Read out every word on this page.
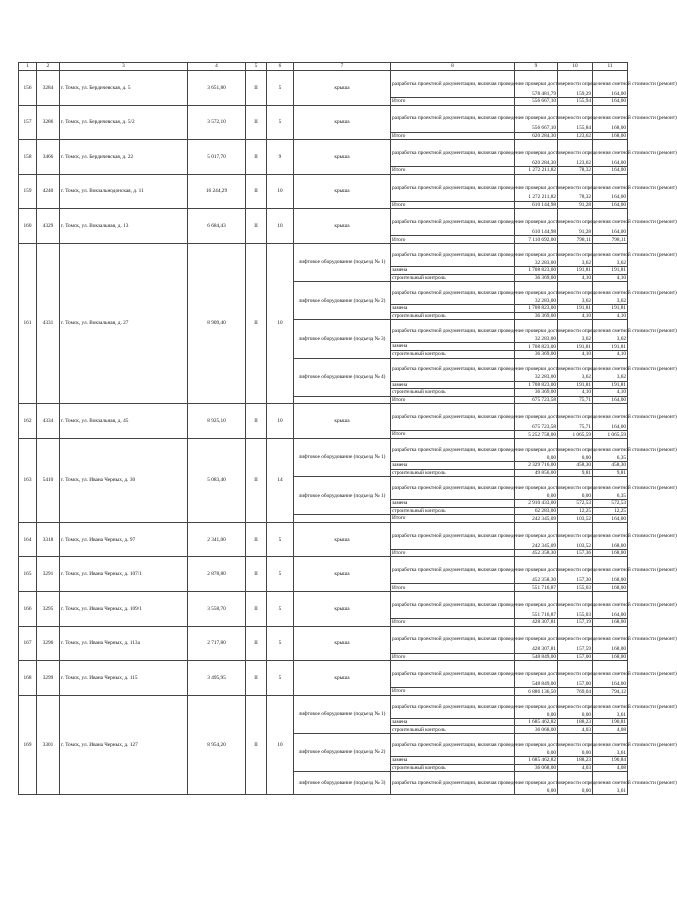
1	2	3	4	5	6	7	8	9	10	11
156	3284	г. Томск, ул. Бердичевская, д. 5	3 651,80	II	5	крыша	разработка проектной документации, включая проведение проверки достоверности определения сметной стоимости (ремонт)	578 481,79	159,29	164,00
							Итого	556 667,10	155,94	164,00
157	3286	г. Томск, ул. Бердичевская, д. 5/2	3 572,10	II	5	крыша	разработка проектной документации, включая проведение проверки достоверности определения сметной стоимости (ремонт)	556 667,10	155,84	168,00
							Итого	620 284,30	123,62	168,00
158	3466	г. Томск, ул. Бердичевская, д. 22	5 017,70	II	9	крыша	разработка проектной документации, включая проведение проверки достоверности определения сметной стоимости (ремонт)	620 284,30	123,62	164,00
							Итого	1 272 211,82	78,32	164,00
159	4240	г. Томск, ул. Вокзальнодонская, д. 11	16 244,29	II	10	крыша	разработка проектной документации, включая проведение проверки достоверности определения сметной стоимости (ремонт)	1 272 211,82	78,32	164,00
							Итого	610 144,98	91,28	164,00
160	4329	г. Томск, ул. Вокзальная, д. 13	6 684,43	II	10	крыша	разработка проектной документации, включая проведение проверки достоверности определения сметной стоимости (ремонт)	610 144,98	91,28	164,00
							Итого	7 110 692,00	798,11	798,11
161	4331	г. Томск, ул. Вокзальная, д. 27	8 909,40	II	10	лифтовое оборудование (подъезд № 1)	разработка проектной документации, включая проведение проверки достоверности определения сметной стоимости (ремонт)	32 283,00	3,62	3,62
							замена	1 708 823,00	191,81	191,81
							строительный контроль	36 369,00	4,10	4,10
						лифтовое оборудование (подъезд № 2)	разработка проектной документации, включая проведение проверки достоверности определения сметной стоимости (ремонт)	32 283,00	3,62	3,62
							замена	1 708 823,00	191,81	191,81
							строительный контроль	36 369,00	4,10	4,10
						лифтовое оборудование (подъезд № 3)	разработка проектной документации, включая проведение проверки достоверности определения сметной стоимости (ремонт)	32 283,00	3,62	3,62
							замена	1 708 823,00	191,81	191,81
							строительный контроль	36 369,00	4,10	4,10
						лифтовое оборудование (подъезд № 4)	разработка проектной документации, включая проведение проверки достоверности определения сметной стоимости (ремонт)	32 283,00	3,62	3,62
							замена	1 708 823,00	191,81	191,81
							строительный контроль	36 369,00	4,10	4,10
							Итого	675 723,58	75,71	164,00
162	4334	г. Томск, ул. Вокзальная, д. 45	8 925,10	II	10	крыша	разработка проектной документации, включая проведение проверки достоверности определения сметной стоимости (ремонт)	675 723,58	75,71	164,00
							Итого	5 252 758,00	1 065,59	1 065,59
163	5410	г. Томск, ул. Ивана Черных, д. 30	5 083,40	II	14	лифтовое оборудование (подъезд № 1)	разработка проектной документации, включая проведение проверки достоверности определения сметной стоимости (ремонт)	0,00	0,00	6,35
							замена	2 329 716,00	458,30	458,30
							строительный контроль	49 856,00	9,81	9,81
						лифтовое оборудование (подъезд № 1)	разработка проектной документации, включая проведение проверки достоверности определения сметной стоимости (ремонт)	0,00	0,00	6,35
							замена	2 910 433,00	572,53	572,53
							строительный контроль	62 283,00	12,25	12,25
							Итого	242 345,09	103,52	164,00
164	3318	г. Томск, ул. Ивана Черных, д. 97	2 341,00	II	5	крыша	разработка проектной документации, включая проведение проверки достоверности определения сметной стоимости (ремонт)	242 345,09	103,52	168,00
							Итого	452 358,30	157,36	168,00
165	3291	г. Томск, ул. Ивана Черных, д. 107/1	2 878,80	II	5	крыша	разработка проектной документации, включая проведение проверки достоверности определения сметной стоимости (ремонт)	452 358,30	157,30	168,00
							Итого	551 716,87	155,03	168,00
166	3295	г. Томск, ул. Ивана Черных, д. 109/1	3 558,70	II	5	крыша	разработка проектной документации, включая проведение проверки достоверности определения сметной стоимости (ремонт)	551 716,87	155,03	164,00
							Итого	428 307,81	157,19	168,00
167	3296	г. Томск, ул. Ивана Черных, д. 113а	2 717,80	II	5	крыша	разработка проектной документации, включая проведение проверки достоверности определения сметной стоимости (ремонт)	428 307,81	157,59	168,00
							Итого	548 849,00	157,00	168,00
168	3299	г. Томск, ул. Ивана Черных, д. 115	3 495,95	II	5	крыша	разработка проектной документации, включая проведение проверки достоверности определения сметной стоимости (ремонт)	548 849,00	157,00	164,00
							Итого	6 886 136,50	769,04	794,12
169	3301	г. Томск, ул. Ивана Черных, д. 127	8 954,20	II	10	лифтовое оборудование (подъезд № 1)	разработка проектной документации, включая проведение проверки достоверности определения сметной стоимости (ремонт)	0,00	0,00	3,61
							замена	1 685 462,82	188,23	190,81
							строительный контроль	36 068,00	4,03	4,08
						лифтовое оборудование (подъезд № 2)	разработка проектной документации, включая проведение проверки достоверности определения сметной стоимости (ремонт)	0,00	0,00	3,61
							замена	1 685 462,82	188,23	190,84
							строительный контроль	36 068,00	4,03	4,08
						лифтовое оборудование (подъезд № 3)	разработка проектной документации, включая проведение проверки достоверности определения сметной стоимости (ремонт)	0,00	0,00	3,61
